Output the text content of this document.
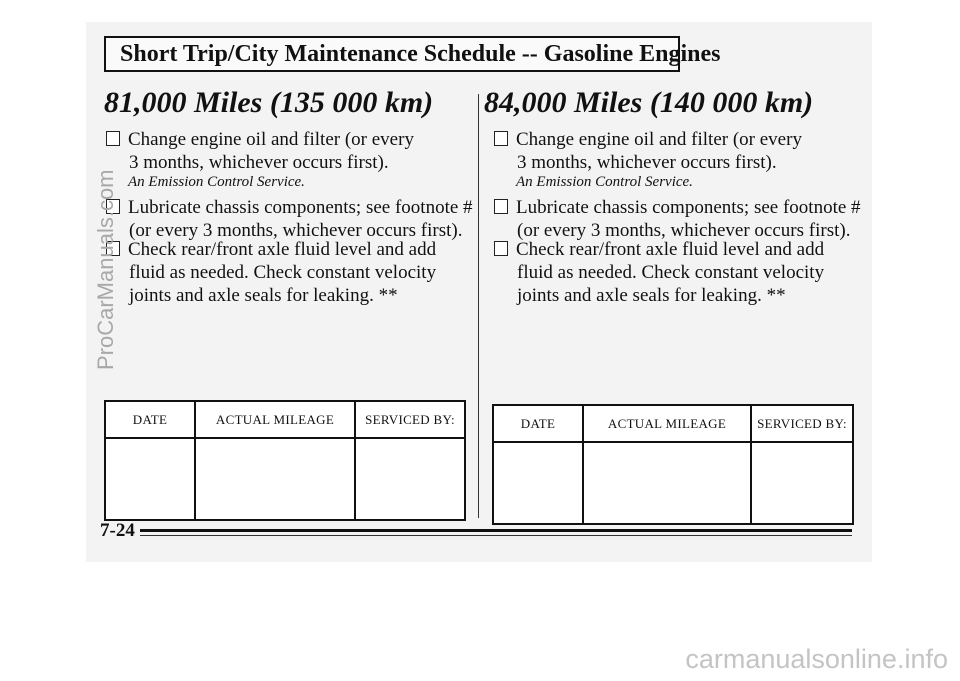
Short Trip/City Maintenance Schedule -- Gasoline Engines
81,000 Miles (135 000 km)
Change engine oil and filter (or every
3 months, whichever occurs first).
An Emission Control Service.
Lubricate chassis components; see footnote #
(or every 3 months, whichever occurs first).
Check rear/front axle fluid level and add
fluid as needed. Check constant velocity
joints and axle seals for leaking. **
DATE	ACTUAL MILEAGE	SERVICED BY:

84,000 Miles (140 000 km)
Change engine oil and filter (or every
3 months, whichever occurs first).
An Emission Control Service.
Lubricate chassis components; see footnote #
(or every 3 months, whichever occurs first).
Check rear/front axle fluid level and add
fluid as needed. Check constant velocity
joints and axle seals for leaking. **
DATE	ACTUAL MILEAGE	SERVICED BY:

7-24
ProCarManuals.com
carmanualsonline.info
